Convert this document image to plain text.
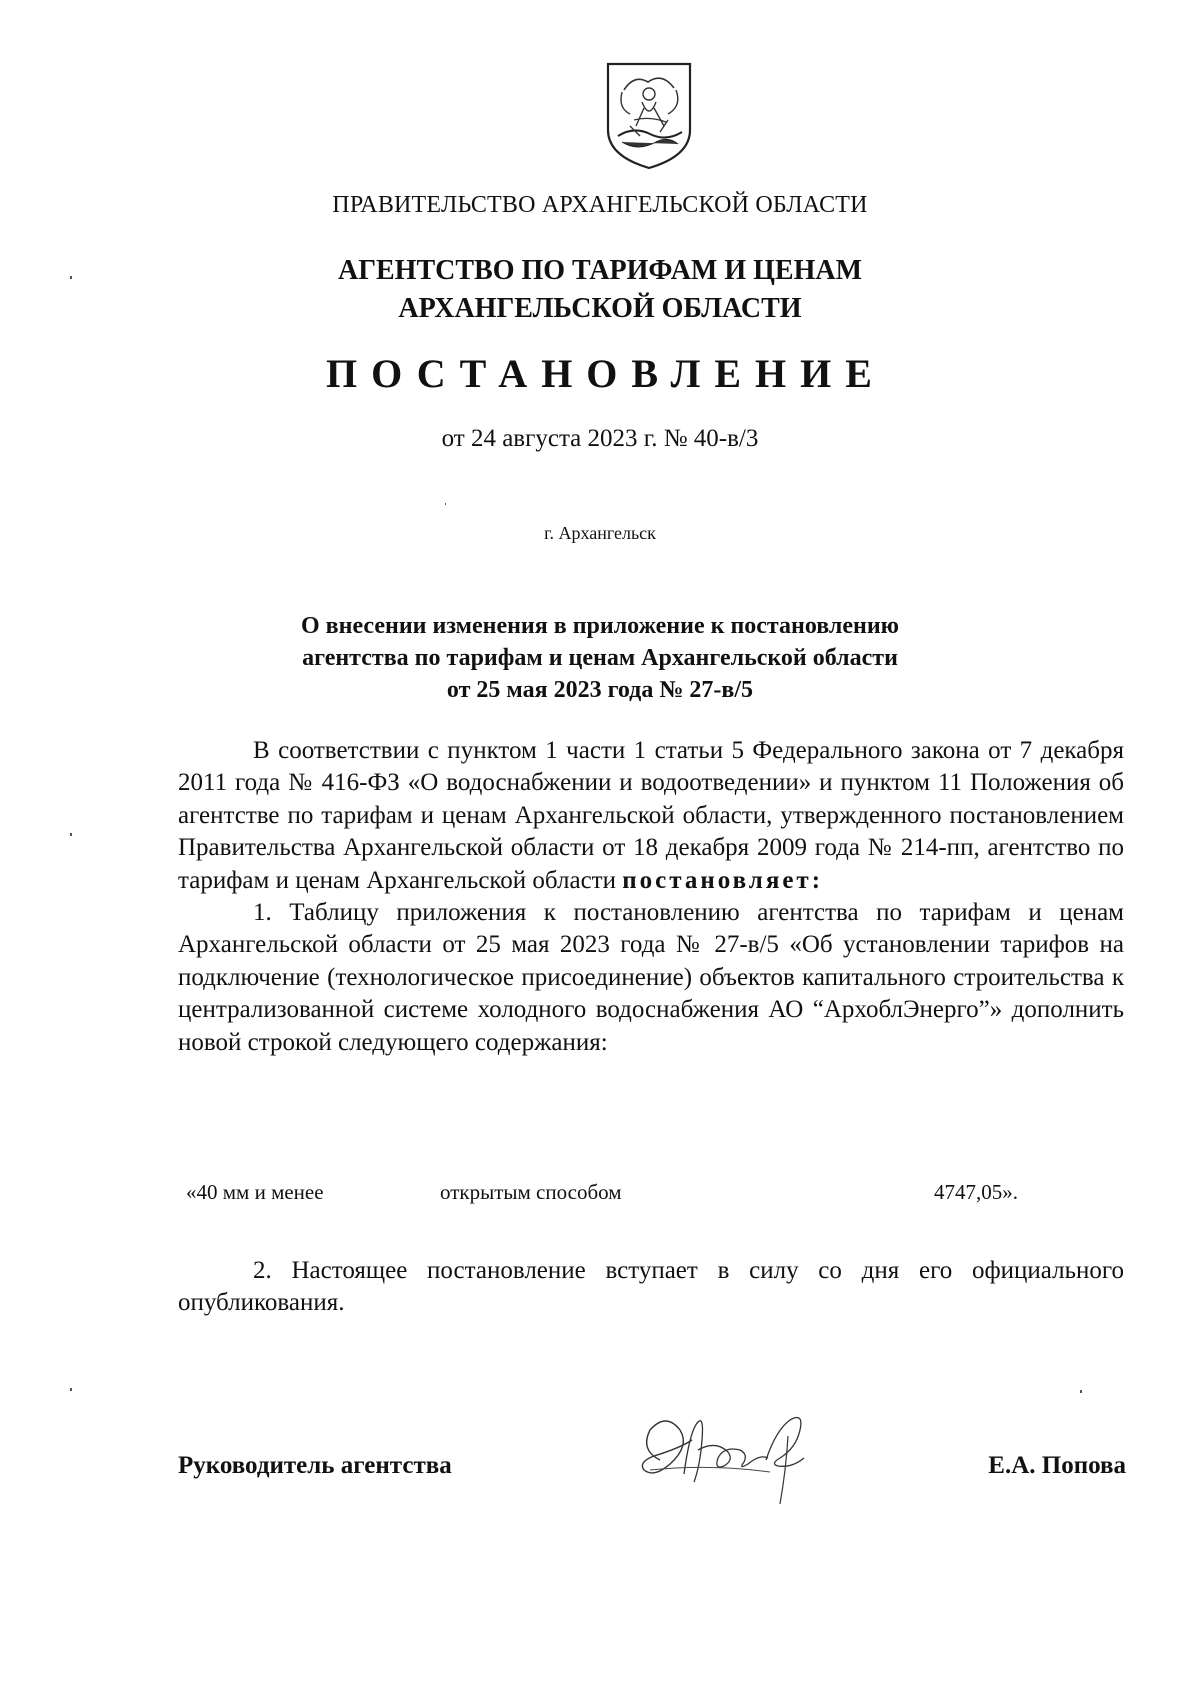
ПРАВИТЕЛЬСТВО АРХАНГЕЛЬСКОЙ ОБЛАСТИ
АГЕНТСТВО ПО ТАРИФАМ И ЦЕНАМ
АРХАНГЕЛЬСКОЙ ОБЛАСТИ
ПОСТАНОВЛЕНИЕ
от 24 августа 2023 г. № 40-в/3
г. Архангельск
О внесении изменения в приложение к постановлению
агентства по тарифам и ценам Архангельской области
от 25 мая 2023 года № 27-в/5

В соответствии с пунктом 1 части 1 статьи 5 Федерального закона от 7 декабря 2011 года № 416-ФЗ «О водоснабжении и водоотведении» и пунктом 11 Положения об агентстве по тарифам и ценам Архангельской области, утвержденного постановлением Правительства Архангельской области от 18 декабря 2009 года № 214-пп, агентство по тарифам и ценам Архангельской области постановляет:

1. Таблицу приложения к постановлению агентства по тарифам и ценам Архангельской области от 25 мая 2023 года № 27-в/5 «Об установлении тарифов на подключение (технологическое присоединение) объектов капитального строительства к централизованной системе холодного водоснабжения АО “АрхоблЭнерго”» дополнить новой строкой следующего содержания:

«40 мм и менее	открытым способом	4747,05».

2. Настоящее постановление вступает в силу со дня его официального опубликования.

Руководитель агентства	Е.А. Попова
